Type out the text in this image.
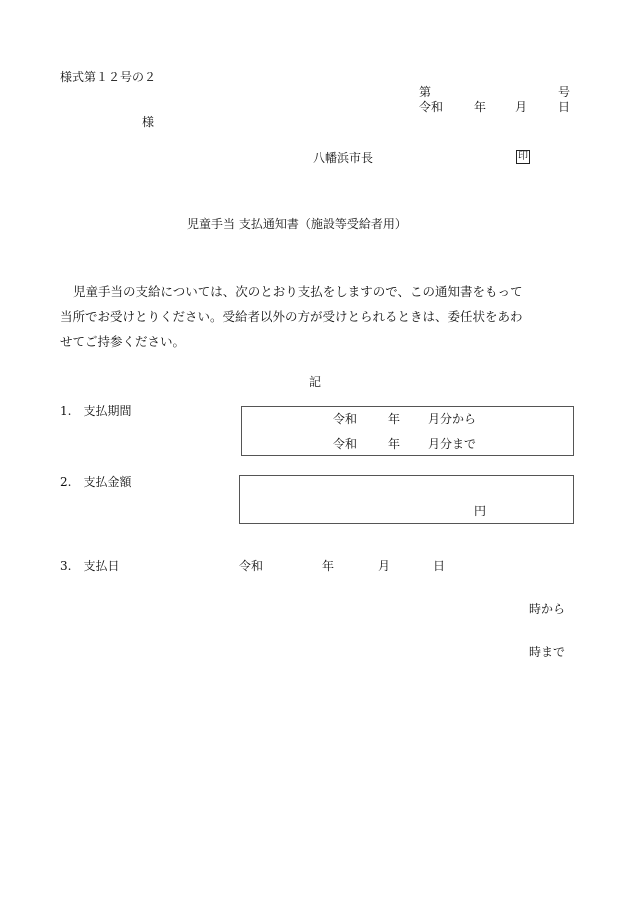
様式第１２号の２
第	号
令和	年 月	日
様
八幡浜市長	印
児童手当 支払通知書（施設等受給者用）
児童手当の支給については、次のとおり支払をしますので、この通知書をもって
当所でお受けとりください。受給者以外の方が受けとられるときは、委任状をあわ
せてご持参ください。
記
1.　支払期間
令和	年 月分から
令和	年 月分まで
2.　支払金額
円
3.　支払日	令和	年	月	日
時から
時まで
